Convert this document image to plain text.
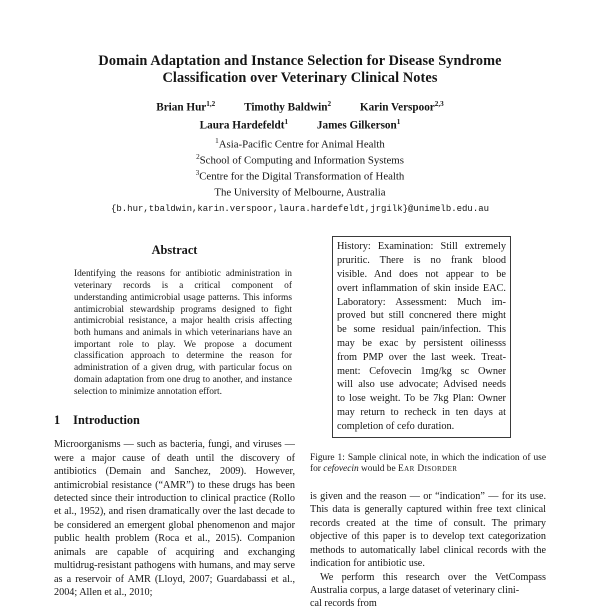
Domain Adaptation and Instance Selection for Disease Syndrome Classification over Veterinary Clinical Notes
Brian Hur$^{1,2}$	Timothy Baldwin$^2$	Karin Verspoor$^{2,3}$
Laura Hardefeldt$^1$	James Gilkerson$^1$
$^1$Asia-Pacific Centre for Animal Health
$^2$School of Computing and Information Systems
$^3$Centre for the Digital Transformation of Health
The University of Melbourne, Australia
{b.hur,tbaldwin,karin.verspoor,laura.hardefeldt,jrgilk}@unimelb.edu.au
Abstract

Identifying the reasons for antibiotic administration in veterinary records is a critical component of understanding antimicrobial usage patterns. This informs antimicrobial stewardship programs designed to fight antimicrobial resistance, a major health crisis affecting both humans and animals in which veterinarians have an important role to play. We propose a document classification approach to determine the reason for administration of a given drug, with particular focus on domain adaptation from one drug to another, and instance selection to minimize annotation effort.

1 Introduction

Microorganisms — such as bacteria, fungi, and viruses — were a major cause of death until the discovery of antibiotics (Demain and Sanchez, 2009). However, antimicrobial resistance (“AMR”) to these drugs has been detected since their introduction to clinical practice (Rollo et al., 1952), and risen dramatically over the last decade to be considered an emergent global phenomenon and major public health problem (Roca et al., 2015). Companion animals are capable of acquiring and exchanging multidrug-resistant pathogens with humans, and may serve as a reservoir of AMR (Lloyd, 2007; Guardabassi et al., 2004; Allen et al., 2010;

History: Examination: Still extremely
pruritic. There is no frank blood
visible. And does not appear to be
overt inflammation of skin inside EAC.
Laboratory: Assessment: Much im-
proved but still concnered there might
be some residual pain/infection. This
may be exac by persistent oilinesss
from PMP over the last week. Treat-
ment: Cefovecin 1mg/kg sc Owner
will also use advocate; Advised needs
to lose weight. To be 7kg Plan: Owner
may return to recheck in ten days at
completion of cefo duration.
Figure 1: Sample clinical note, in which the indication of use for cefovecin would be Ear Disorder

is given and the reason — or “indication” — for its use. This data is generally captured within free text clinical records created at the time of consult. The primary objective of this paper is to develop text categorization methods to automatically label clinical records with the indication for antibiotic use.

We perform this research over the VetCompass Australia corpus, a large dataset of veterinary clini-

cal records from
